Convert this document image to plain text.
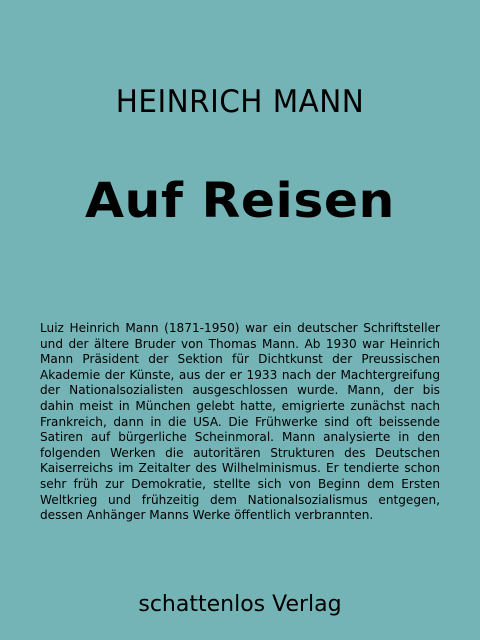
HEINRICH MANN
Auf Reisen
Luiz Heinrich Mann (1871-1950) war ein deutscher Schriftsteller und der ältere Bruder von Thomas Mann. Ab 1930 war Heinrich Mann Präsident der Sektion für Dichtkunst der Preussischen Akademie der Künste, aus der er 1933 nach der Machtergreifung der Nationalsozialisten ausgeschlossen wurde. Mann, der bis dahin meist in München gelebt hatte, emigrierte zunächst nach Frankreich, dann in die USA. Die Frühwerke sind oft beissende Satiren auf bürgerliche Scheinmoral. Mann analysierte in den folgenden Werken die autoritären Strukturen des Deutschen Kaiserreichs im Zeitalter des Wilhelminismus. Er tendierte schon sehr früh zur Demokratie, stellte sich von Beginn dem Ersten Weltkrieg und frühzeitig dem Nationalsozialismus entgegen, dessen Anhänger Manns Werke öffentlich verbrannten.
schattenlos Verlag
